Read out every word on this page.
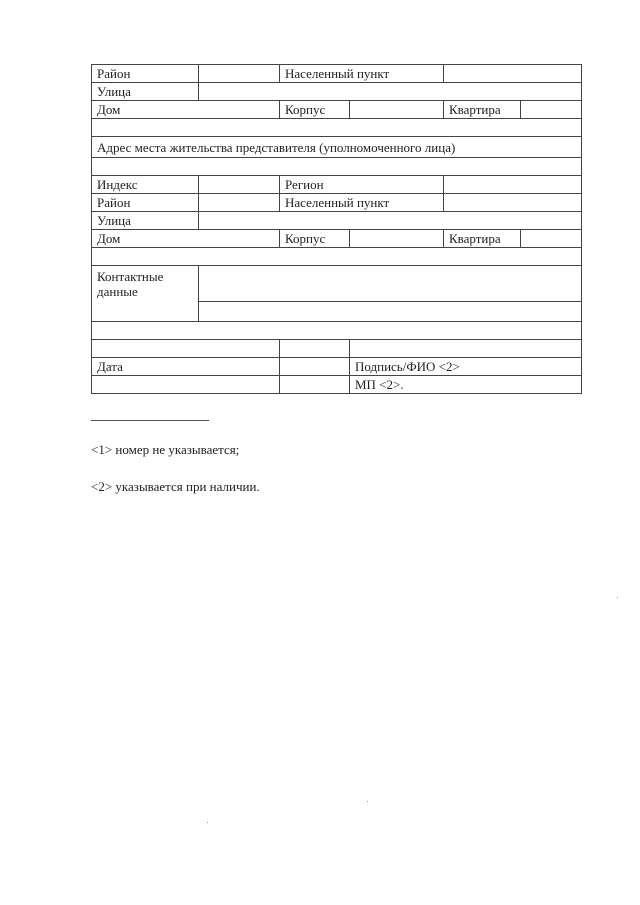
Район		Населенный пункт			
Улица					
Дом		Корпус		Квартира	

Адрес места жительства представителя (уполномоченного лица)					

Индекс		Регион			
Район		Населенный пункт			
Улица					
Дом		Корпус		Квартира	

Контактные данные					

Дата			Подпись/ФИО <2>		
			МП <2>.		
<1> номер не указывается;
<2> указывается при наличии.
